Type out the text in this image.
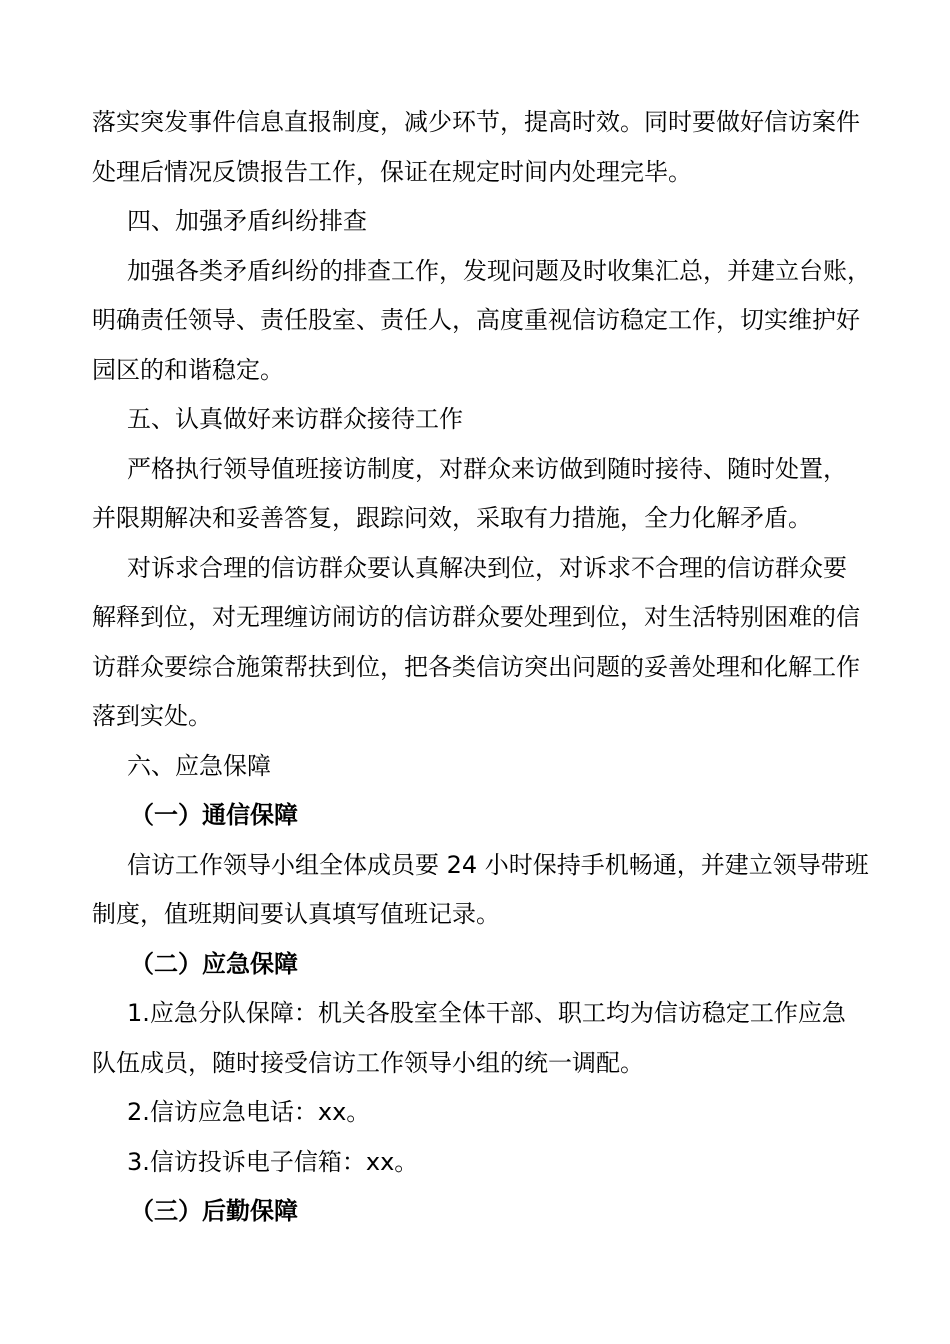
落实突发事件信息直报制度，减少环节，提高时效。同时要做好信访案件
处理后情况反馈报告工作，保证在规定时间内处理完毕。
四、加强矛盾纠纷排查
加强各类矛盾纠纷的排查工作，发现问题及时收集汇总，并建立台账，
明确责任领导、责任股室、责任人，高度重视信访稳定工作，切实维护好
园区的和谐稳定。
五、认真做好来访群众接待工作
严格执行领导值班接访制度，对群众来访做到随时接待、随时处置，
并限期解决和妥善答复，跟踪问效，采取有力措施，全力化解矛盾。
对诉求合理的信访群众要认真解决到位，对诉求不合理的信访群众要
解释到位，对无理缠访闹访的信访群众要处理到位，对生活特别困难的信
访群众要综合施策帮扶到位，把各类信访突出问题的妥善处理和化解工作
落到实处。
六、应急保障
（一）通信保障
信访工作领导小组全体成员要 24 小时保持手机畅通，并建立领导带班
制度，值班期间要认真填写值班记录。
（二）应急保障
1.应急分队保障：机关各股室全体干部、职工均为信访稳定工作应急
队伍成员，随时接受信访工作领导小组的统一调配。
2.信访应急电话：xx。
3.信访投诉电子信箱：xx。
（三）后勤保障
